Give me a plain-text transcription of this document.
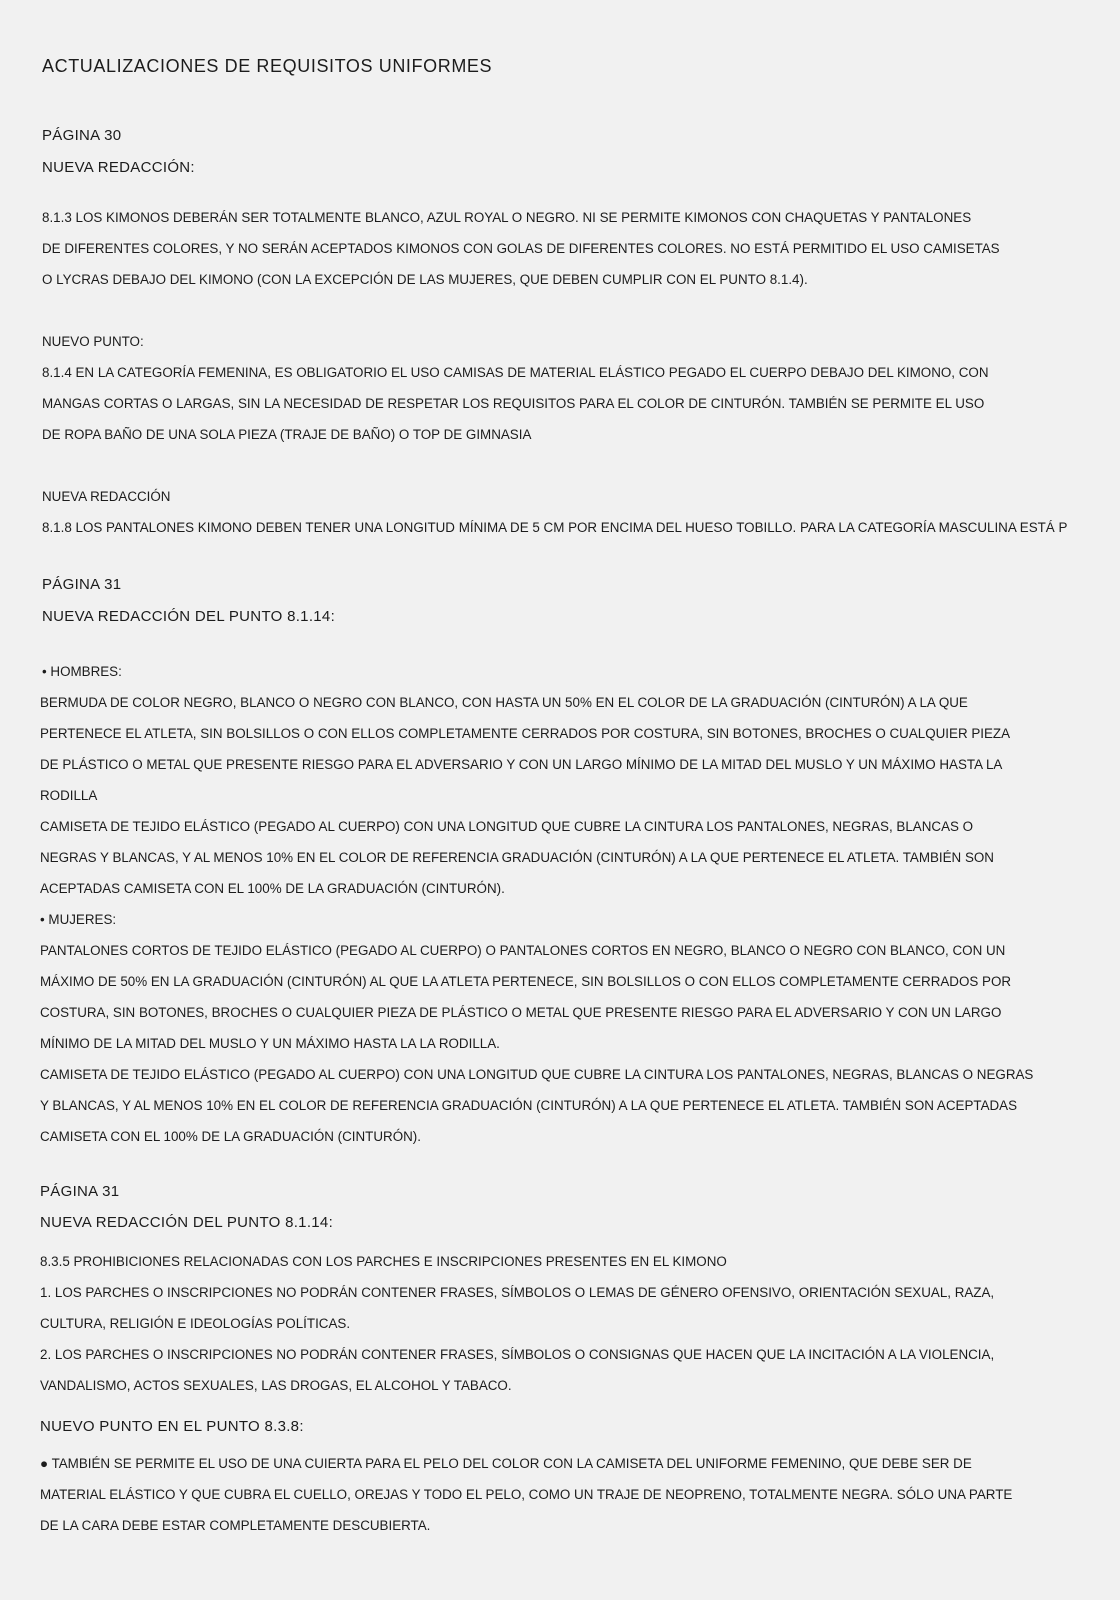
ACTUALIZACIONES DE REQUISITOS UNIFORMES
PÁGINA 30
NUEVA REDACCIÓN:
8.1.3 LOS KIMONOS DEBERÁN SER TOTALMENTE BLANCO, AZUL ROYAL O NEGRO. NI SE PERMITE KIMONOS CON CHAQUETAS Y PANTALONES
DE DIFERENTES COLORES, Y NO SERÁN ACEPTADOS KIMONOS CON GOLAS DE DIFERENTES COLORES. NO ESTÁ PERMITIDO EL USO CAMISETAS
O LYCRAS DEBAJO DEL KIMONO (CON LA EXCEPCIÓN DE LAS MUJERES, QUE DEBEN CUMPLIR CON EL PUNTO 8.1.4).
NUEVO PUNTO:
8.1.4 EN LA CATEGORÍA FEMENINA, ES OBLIGATORIO EL USO CAMISAS DE MATERIAL ELÁSTICO PEGADO EL CUERPO DEBAJO DEL KIMONO, CON
MANGAS CORTAS O LARGAS, SIN LA NECESIDAD DE RESPETAR LOS REQUISITOS PARA EL COLOR DE CINTURÓN. TAMBIÉN SE PERMITE EL USO
DE ROPA BAÑO DE UNA SOLA PIEZA (TRAJE DE BAÑO) O TOP DE GIMNASIA
NUEVA REDACCIÓN
8.1.8 LOS PANTALONES KIMONO DEBEN TENER UNA LONGITUD MÍNIMA DE 5 CM POR ENCIMA DEL HUESO TOBILLO. PARA LA CATEGORÍA MASCULINA ESTÁ P
PÁGINA 31
NUEVA REDACCIÓN DEL PUNTO 8.1.14:
• HOMBRES:
BERMUDA DE COLOR NEGRO, BLANCO O NEGRO CON BLANCO, CON HASTA UN 50% EN EL COLOR DE LA GRADUACIÓN (CINTURÓN) A LA QUE
PERTENECE EL ATLETA, SIN BOLSILLOS O CON ELLOS COMPLETAMENTE CERRADOS POR COSTURA, SIN BOTONES, BROCHES O CUALQUIER PIEZA
DE PLÁSTICO O METAL QUE PRESENTE RIESGO PARA EL ADVERSARIO Y CON UN LARGO MÍNIMO DE LA MITAD DEL MUSLO Y UN MÁXIMO HASTA LA
RODILLA
CAMISETA DE TEJIDO ELÁSTICO (PEGADO AL CUERPO) CON UNA LONGITUD QUE CUBRE LA CINTURA LOS PANTALONES, NEGRAS, BLANCAS O
NEGRAS Y BLANCAS, Y AL MENOS 10% EN EL COLOR DE REFERENCIA GRADUACIÓN (CINTURÓN) A LA QUE PERTENECE EL ATLETA. TAMBIÉN SON
ACEPTADAS CAMISETA CON EL 100% DE LA GRADUACIÓN (CINTURÓN).
• MUJERES:
PANTALONES CORTOS DE TEJIDO ELÁSTICO (PEGADO AL CUERPO) O PANTALONES CORTOS EN NEGRO, BLANCO O NEGRO CON BLANCO, CON UN
MÁXIMO DE 50% EN LA GRADUACIÓN (CINTURÓN) AL QUE LA ATLETA PERTENECE, SIN BOLSILLOS O CON ELLOS COMPLETAMENTE CERRADOS POR
COSTURA, SIN BOTONES, BROCHES O CUALQUIER PIEZA DE PLÁSTICO O METAL QUE PRESENTE RIESGO PARA EL ADVERSARIO Y CON UN LARGO
MÍNIMO DE LA MITAD DEL MUSLO Y UN MÁXIMO HASTA LA LA RODILLA.
CAMISETA DE TEJIDO ELÁSTICO (PEGADO AL CUERPO) CON UNA LONGITUD QUE CUBRE LA CINTURA LOS PANTALONES, NEGRAS, BLANCAS O NEGRAS
Y BLANCAS, Y AL MENOS 10% EN EL COLOR DE REFERENCIA GRADUACIÓN (CINTURÓN) A LA QUE PERTENECE EL ATLETA. TAMBIÉN SON ACEPTADAS
CAMISETA CON EL 100% DE LA GRADUACIÓN (CINTURÓN).
PÁGINA 31
NUEVA REDACCIÓN DEL PUNTO 8.1.14:
8.3.5 PROHIBICIONES RELACIONADAS CON LOS PARCHES E INSCRIPCIONES PRESENTES EN EL KIMONO
1. LOS PARCHES O INSCRIPCIONES NO PODRÁN CONTENER FRASES, SÍMBOLOS O LEMAS DE GÉNERO OFENSIVO, ORIENTACIÓN SEXUAL, RAZA,
CULTURA, RELIGIÓN E IDEOLOGÍAS POLÍTICAS.
2. LOS PARCHES O INSCRIPCIONES NO PODRÁN CONTENER FRASES, SÍMBOLOS O CONSIGNAS QUE HACEN QUE LA INCITACIÓN A LA VIOLENCIA,
VANDALISMO, ACTOS SEXUALES, LAS DROGAS, EL ALCOHOL Y TABACO.
NUEVO PUNTO EN EL PUNTO 8.3.8:
● TAMBIÉN SE PERMITE EL USO DE UNA CUIERTA PARA EL PELO DEL COLOR CON LA CAMISETA DEL UNIFORME FEMENINO, QUE DEBE SER DE
MATERIAL ELÁSTICO Y QUE CUBRA EL CUELLO, OREJAS Y TODO EL PELO, COMO UN TRAJE DE NEOPRENO, TOTALMENTE NEGRA. SÓLO UNA PARTE
DE LA CARA DEBE ESTAR COMPLETAMENTE DESCUBIERTA.
